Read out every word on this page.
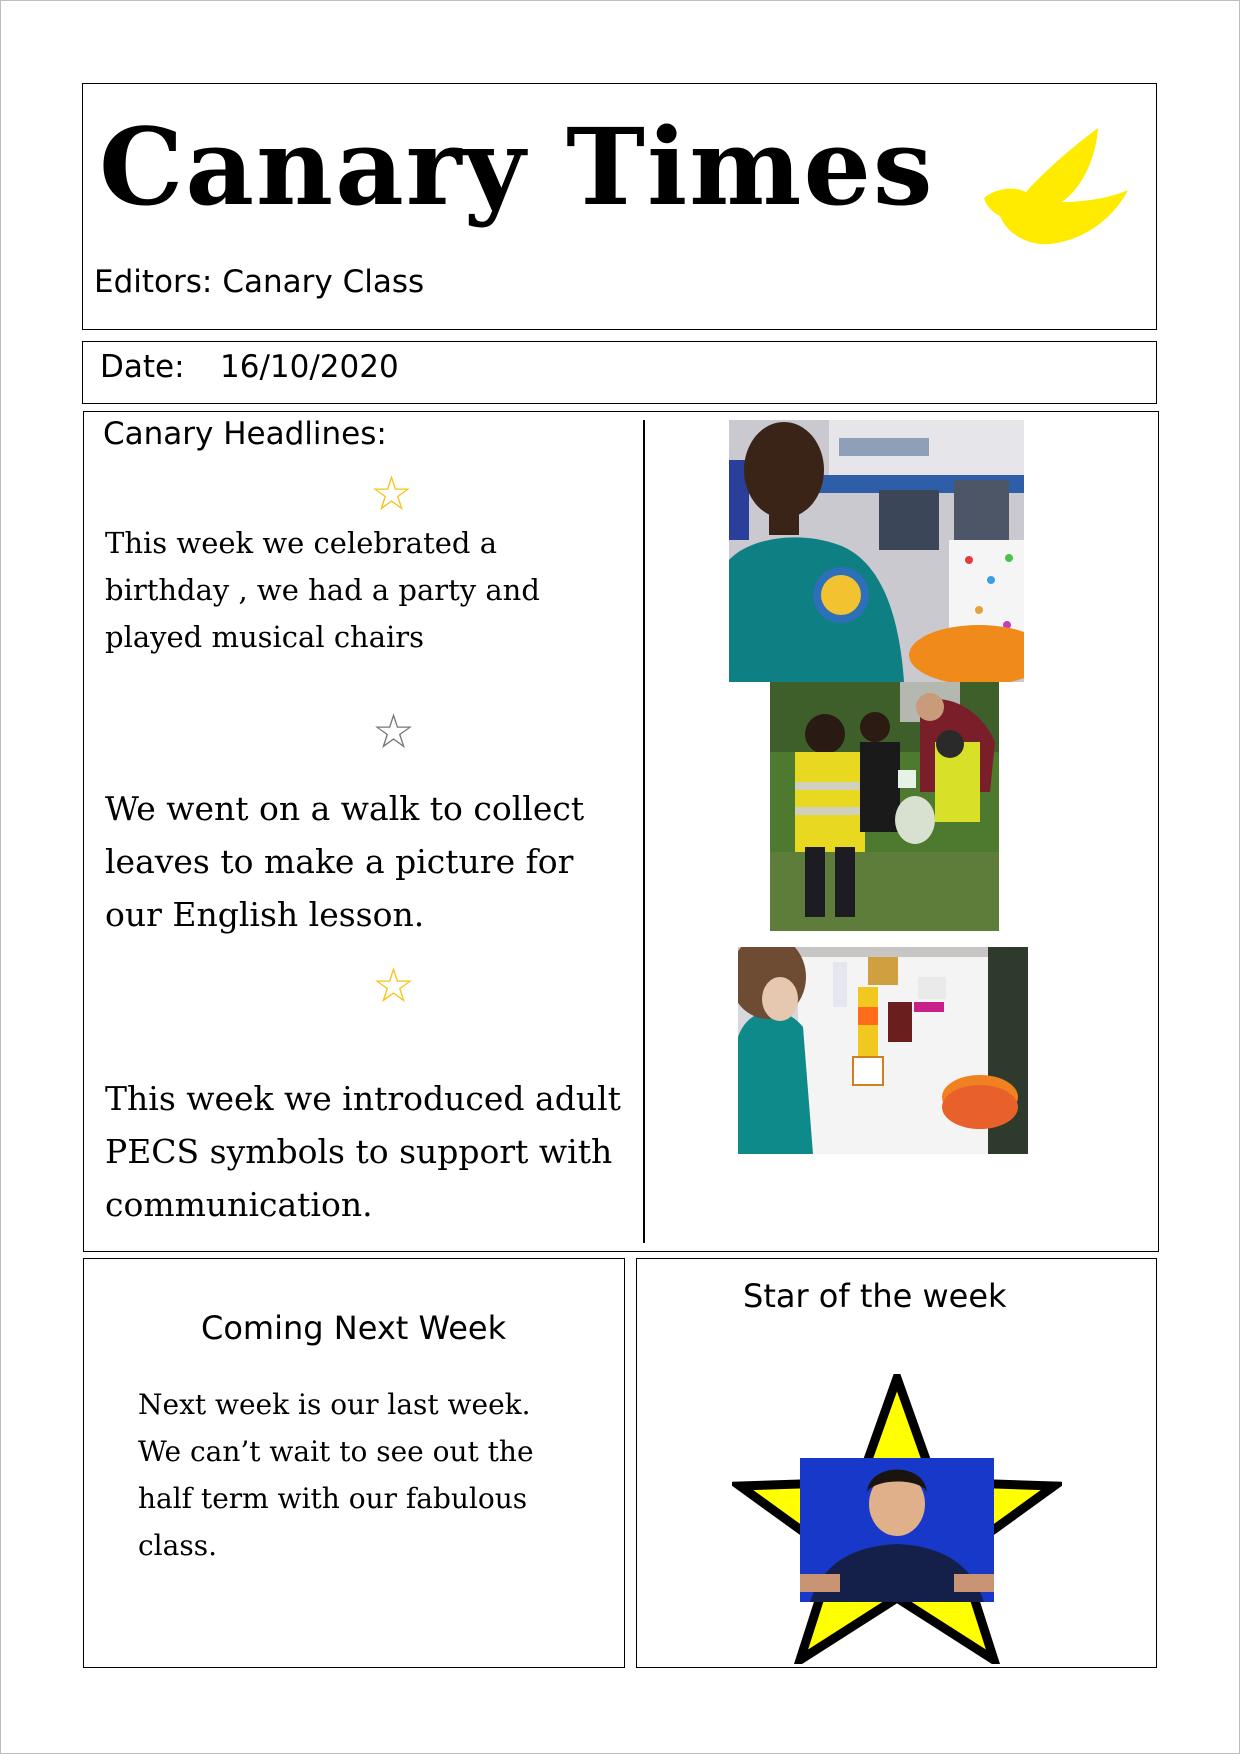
Canary Times
Editors: Canary Class
Date: 16/10/2020
Canary Headlines:
☆
This week we celebrated a birthday , we had a party and played musical chairs
☆
We went on a walk to collect leaves to make a picture for our English lesson.
☆
This week we introduced adult PECS symbols to support with communication.
Coming Next Week
Next week is our last week. We can’t wait to see out the half term with our fabulous class.
Star of the week
